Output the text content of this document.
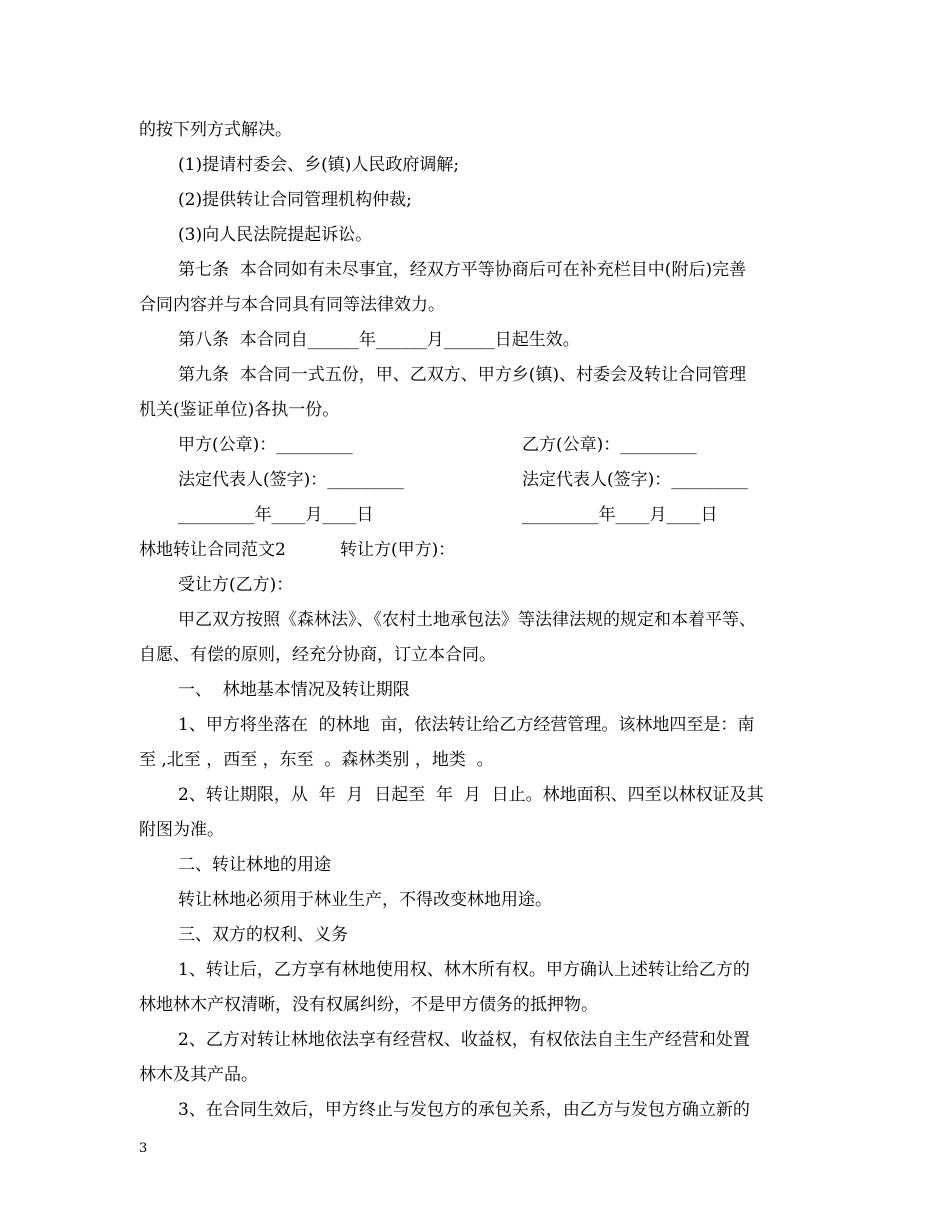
的按下列方式解决。
(1)提请村委会、乡(镇)人民政府调解;
(2)提供转让合同管理机构仲裁;
(3)向人民法院提起诉讼。
第七条  本合同如有未尽事宜，经双方平等协商后可在补充栏目中(附后)完善
合同内容并与本合同具有同等法律效力。
第八条  本合同自______年______月______日起生效。
第九条  本合同一式五份，甲、乙双方、甲方乡(镇)、村委会及转让合同管理
机关(鉴证单位)各执一份。
甲方(公章)：_________	乙方(公章)：_________
法定代表人(签字)：_________	法定代表人(签字)：_________
_________年____月____日	_________年____月____日
林地转让合同范文2	转让方(甲方)：
受让方(乙方)：
甲乙双方按照《森林法》、《农村土地承包法》等法律法规的规定和本着平等、
自愿、有偿的原则，经充分协商，订立本合同。
一、  林地基本情况及转让期限
1、甲方将坐落在  的林地  亩，依法转让给乙方经营管理。该林地四至是：南
至 ,北至 ，西至 ，东至  。森林类别 ，地类  。
2、转让期限，从  年  月  日起至  年  月  日止。林地面积、四至以林权证及其
附图为准。
二、转让林地的用途
转让林地必须用于林业生产，不得改变林地用途。
三、双方的权利、义务
1、转让后，乙方享有林地使用权、林木所有权。甲方确认上述转让给乙方的
林地林木产权清晰，没有权属纠纷，不是甲方债务的抵押物。
2、乙方对转让林地依法享有经营权、收益权，有权依法自主生产经营和处置
林木及其产品。
3、在合同生效后，甲方终止与发包方的承包关系，由乙方与发包方确立新的
3
